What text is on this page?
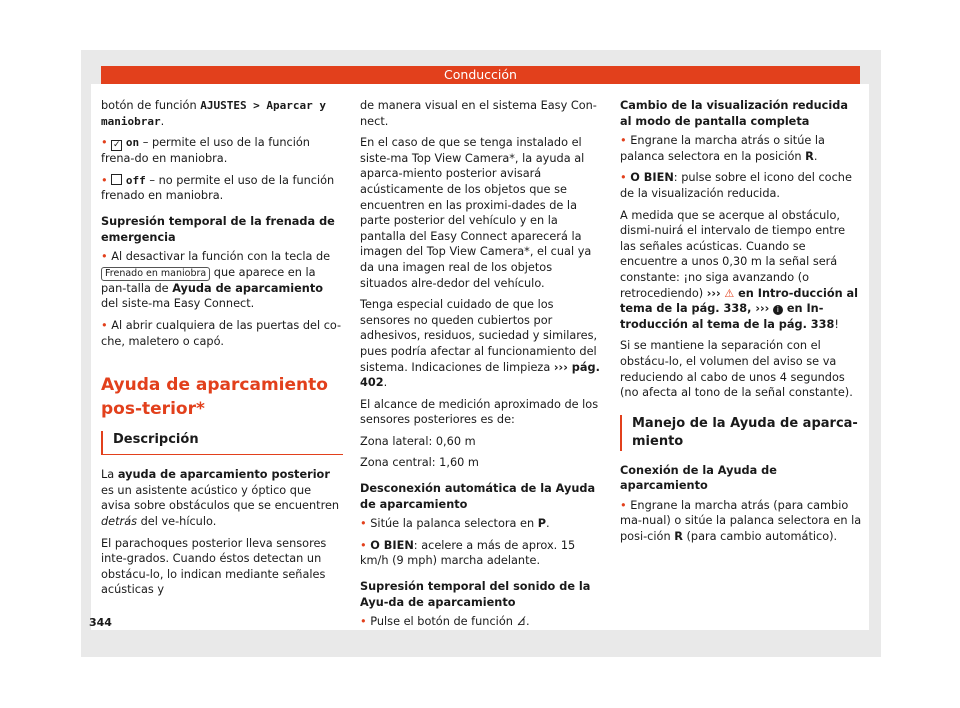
Conducción

botón de función AJUSTES > Aparcar y maniobrar.

• ✓ on – permite el uso de la función frena-do en maniobra.

• off – no permite el uso de la función frenado en maniobra.

Supresión temporal de la frenada de emergencia

• Al desactivar la función con la tecla de Frenado en maniobra que aparece en la pan-talla de Ayuda de aparcamiento del siste-ma Easy Connect.

• Al abrir cualquiera de las puertas del co-che, maletero o capó.

Ayuda de aparcamiento pos-terior*
Descripción

La ayuda de aparcamiento posterior es un asistente acústico y óptico que avisa sobre obstáculos que se encuentren detrás del ve-hículo.

El parachoques posterior lleva sensores inte-grados. Cuando éstos detectan un obstácu-lo, lo indican mediante señales acústicas y

de manera visual en el sistema Easy Con-nect.

En el caso de que se tenga instalado el siste-ma Top View Camera*, la ayuda al aparca-miento posterior avisará acústicamente de los objetos que se encuentren en las proximi-dades de la parte posterior del vehículo y en la pantalla del Easy Connect aparecerá la imagen del Top View Camera*, el cual ya da una imagen real de los objetos situados alre-dedor del vehículo.

Tenga especial cuidado de que los sensores no queden cubiertos por adhesivos, residuos, suciedad y similares, pues podría afectar al funcionamiento del sistema. Indicaciones de limpieza ››› pág. 402.

El alcance de medición aproximado de los sensores posteriores es de:

Zona lateral: 0,60 m

Zona central: 1,60 m

Desconexión automática de la Ayuda de aparcamiento

• Sitúe la palanca selectora en P.

• O BIEN: acelere a más de aprox. 15 km/h (9 mph) marcha adelante.

Supresión temporal del sonido de la Ayu-da de aparcamiento

• Pulse el botón de función ⊿̸.

Cambio de la visualización reducida al modo de pantalla completa

• Engrane la marcha atrás o sitúe la palanca selectora en la posición R.

• O BIEN: pulse sobre el icono del coche de la visualización reducida.

A medida que se acerque al obstáculo, dismi-nuirá el intervalo de tiempo entre las señales acústicas. Cuando se encuentre a unos 0,30 m la señal será constante: ¡no siga avanzando (o retrocediendo) ››› ⚠ en Intro-ducción al tema de la pág. 338, ››› i en In-troducción al tema de la pág. 338!

Si se mantiene la separación con el obstácu-lo, el volumen del aviso se va reduciendo al cabo de unos 4 segundos (no afecta al tono de la señal constante).

Manejo de la Ayuda de aparca-miento
Conexión de la Ayuda de aparcamiento

• Engrane la marcha atrás (para cambio ma-nual) o sitúe la palanca selectora en la posi-ción R (para cambio automático).

344
